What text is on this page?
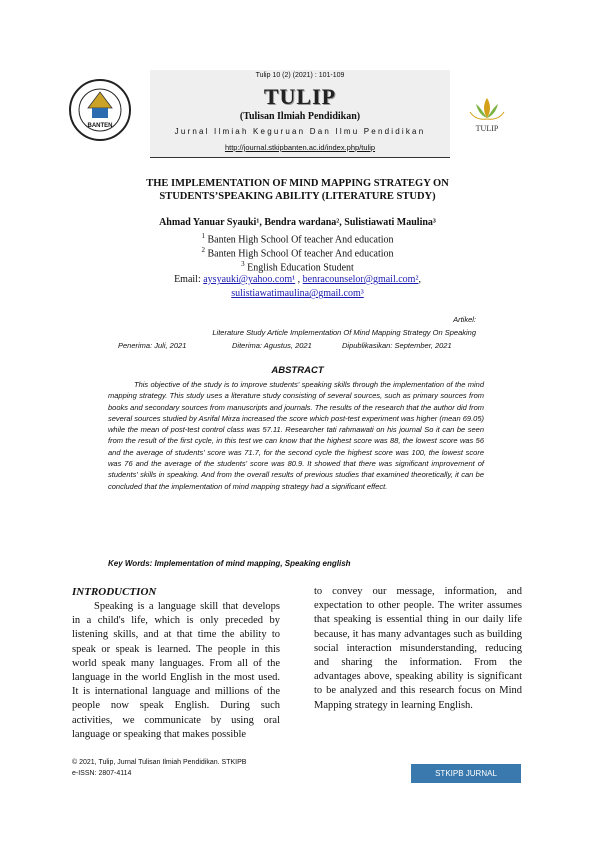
BANTEN	TULIP
Tulip 10 (2) (2021) : 101-109
TULIP
(Tulisan Ilmiah Pendidikan)
Jurnal Ilmiah Keguruan Dan Ilmu Pendidikan
http://journal.stkipbanten.ac.id/index.php/tulip
THE IMPLEMENTATION OF MIND MAPPING STRATEGY ON
STUDENTS’SPEAKING ABILITY (LITERATURE STUDY)
Ahmad Yanuar Syauki¹, Bendra wardana², Sulistiawati Maulina³
$^1$ Banten High School Of teacher And education
$^2$ Banten High School Of teacher And education
$^3$ English Education Student
Email: aysyauki@yahoo.com¹ , benracounselor@gmail.com²,
sulistiawatimaulina@gmail.com³
Artikel:
Literature Study Article Implementation Of Mind Mapping Strategy On Speaking
Penerima: Juli, 2021	Diterima: Agustus, 2021	Dipublikasikan: September, 2021
ABSTRACT
This objective of the study is to improve students' speaking skills through the implementation of the mind mapping strategy. This study uses a literature study consisting of several sources, such as primary sources from books and secondary sources from manuscripts and journals. The results of the research that the author did from several sources studied by Asrifal Mirza increased the score which post-test experiment was higher (mean 69.05) while the mean of post-test control class was 57.11. Researcher tati rahmawati on his journal So it can be seen from the result of the first cycle, in this test we can know that the highest score was 88, the lowest score was 56 and the average of students' score was 71.7, for the second cycle the highest score was 100, the lowest score was 76 and the average of the students' score was 80.9. It showed that there was significant improvement of students' skills in speaking. And from the overall results of previous studies that examined theoretically, it can be concluded that the implementation of mind mapping strategy had a significant effect.
Key Words: Implementation of mind mapping, Speaking english
INTRODUCTION
Speaking is a language skill that develops in a child's life, which is only preceded by listening skills, and at that time the ability to speak or speak is learned. The people in this world speak many languages. From all of the language in the world English in the most used. It is international language and millions of the people now speak English. During such activities, we communicate by using oral language or speaking that makes possible
to convey our message, information, and expectation to other people. The writer assumes that speaking is essential thing in our daily life because, it has many advantages such as building social interaction misunderstanding, reducing and sharing the information. From the advantages above, speaking ability is significant to be analyzed and this research focus on Mind Mapping strategy in learning English.
© 2021, Tulip, Jurnal Tulisan Ilmiah Pendidikan. STKIPB
e-ISSN: 2807-4114	STKIPB JURNAL
